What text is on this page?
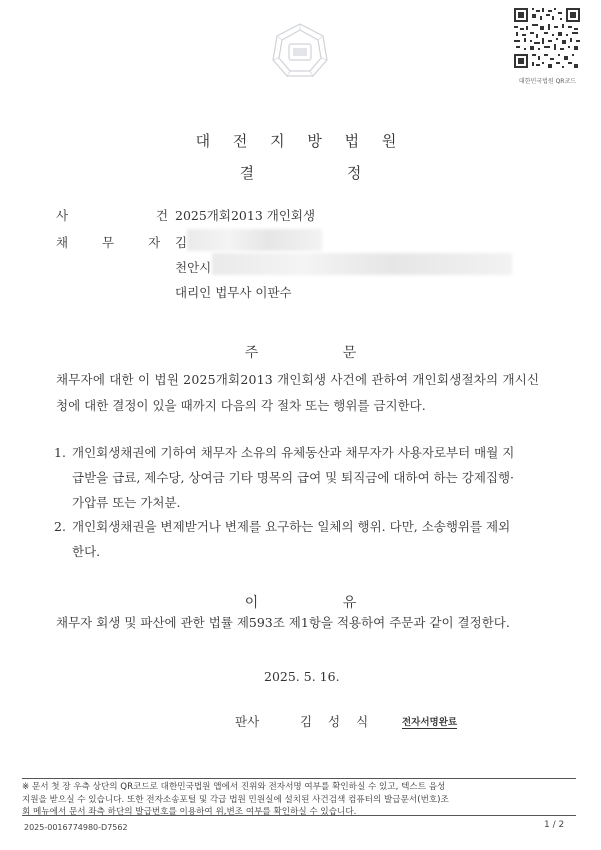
대한민국법원 QR코드
대 전 지 방 법 원
결 정
사 건
2025개회2013 개인회생
채 무 자 김
천안시
대리인 법무사 이판수
주 문
채무자에 대한 이 법원 2025개회2013 개인회생 사건에 관하여 개인회생절차의 개시신
청에 대한 결정이 있을 때까지 다음의 각 절차 또는 행위를 금지한다.
1. 개인회생채권에 기하여 채무자 소유의 유체동산과 채무자가 사용자로부터 매월 지
급받을 급료, 제수당, 상여금 기타 명목의 급여 및 퇴직금에 대하여 하는 강제집행·
가압류 또는 가처분.
2. 개인회생채권을 변제받거나 변제를 요구하는 일체의 행위. 다만, 소송행위를 제외
한다.
이 유
채무자 회생 및 파산에 관한 법률 제593조 제1항을 적용하여 주문과 같이 결정한다.
2025. 5. 16.
판사	김 성 식	전자서명완료
※ 문서 첫 장 우측 상단의 QR코드로 대한민국법원 앱에서 진위와 전자서명 여부를 확인하실 수 있고, 텍스트 음성
지원을 받으실 수 있습니다. 또한 전자소송포털 및 각급 법원 민원실에 설치된 사건검색 컴퓨터의 발급문서(번호)조
회 메뉴에서 문서 좌측 하단의 발급번호를 이용하여 위,변조 여부를 확인하실 수 있습니다.
2025-0016774980-D7562	1 / 2
